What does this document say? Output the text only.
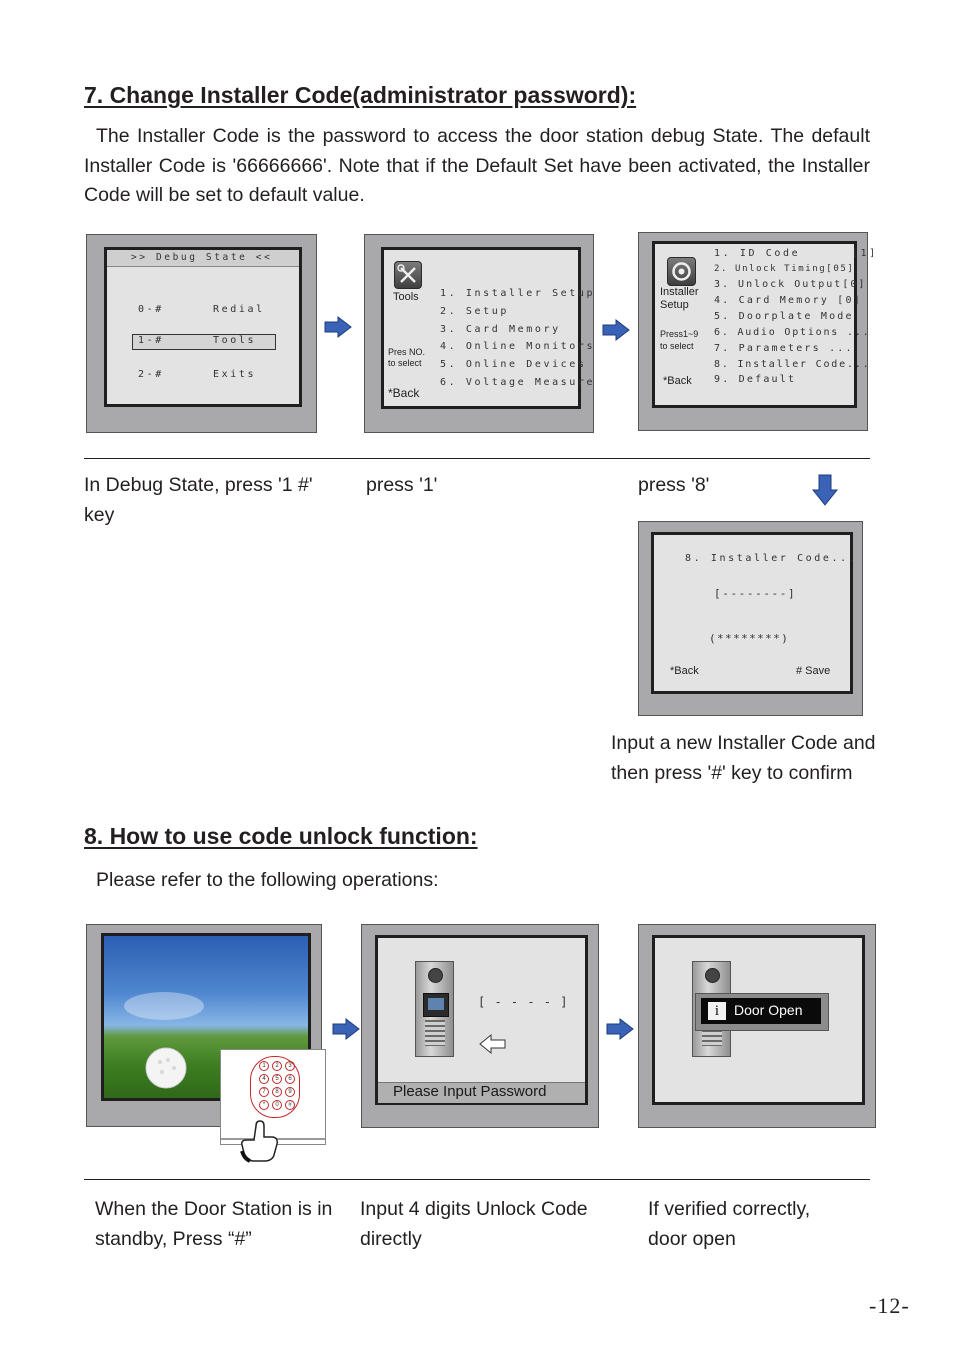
7. Change Installer Code(administrator password):
The Installer Code is the password to access the door station debug State. The default Installer Code is '66666666'. Note that if the Default Set have been activated, the Installer Code will be set to default value.
>> Debug State <<
0-#	Redial
1-#	Tools
2-#	Exits
Tools
Pres NO.
to select
*Back
1. Installer Setup
2. Setup
3. Card Memory
4. Online Monitors
5. Online Devices
6. Voltage Measure
Installer
Setup
Press1~9
to select
*Back
1. ID Code      [1]
2. Unlock Timing[05]
3. Unlock Output[0]
4. Card Memory [0]
5. Doorplate Mode
6. Audio Options ...
7. Parameters ...
8. Installer Code...
9. Default
In Debug State, press '1 #' key
press '1'	press '8'
8. Installer Code...
[--------]
(********)
*Back	# Save
Input a new Installer Code and then press '#' key to confirm
8. How to use code unlock function:
Please refer to the following operations:
1	2	3
4	5	6
7	8	9
*	0	#
[ - - - - ]
Please Input Password
i	Door Open
When the Door Station is in standby, Press “#”
Input 4 digits Unlock Code directly
If verified correctly, door open
-12-
